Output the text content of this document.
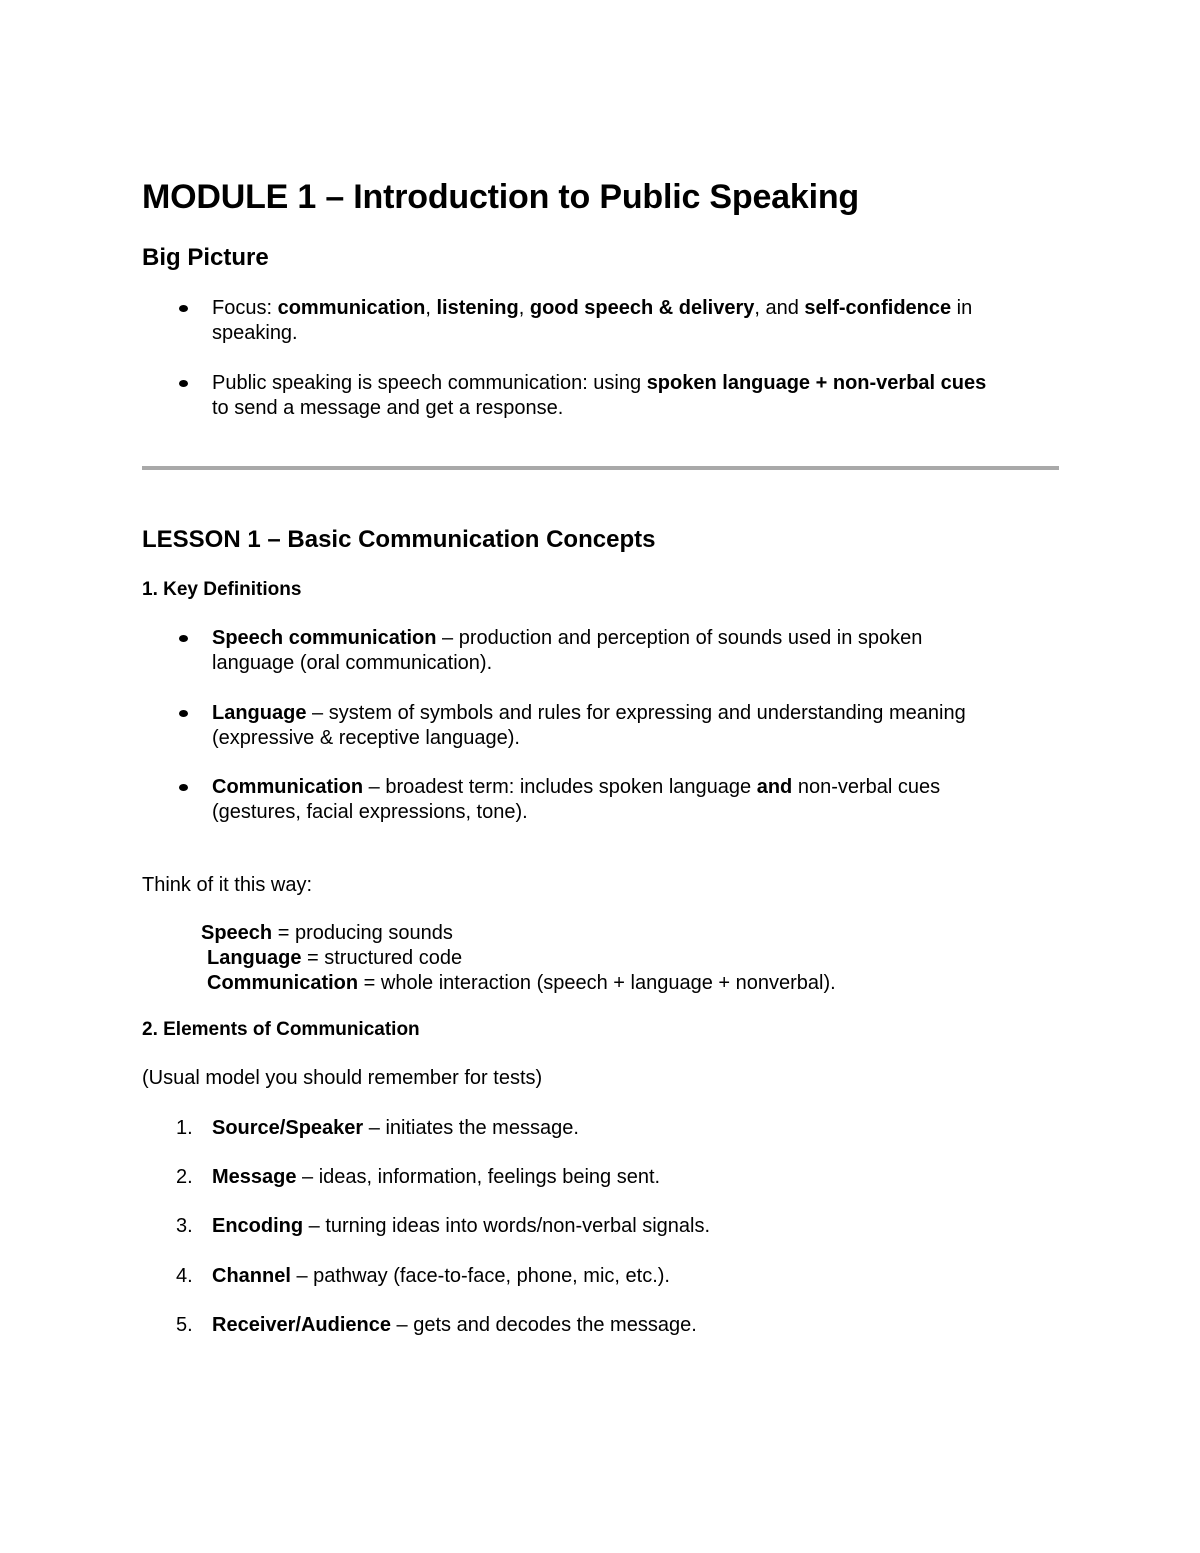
MODULE 1 – Introduction to Public Speaking
Big Picture
Focus: communication, listening, good speech & delivery, and self-confidence in
speaking.
Public speaking is speech communication: using spoken language + non-verbal cues
to send a message and get a response.
LESSON 1 – Basic Communication Concepts
1. Key Definitions
Speech communication – production and perception of sounds used in spoken
language (oral communication).
Language – system of symbols and rules for expressing and understanding meaning
(expressive & receptive language).
Communication – broadest term: includes spoken language and non-verbal cues
(gestures, facial expressions, tone).

Think of it this way:

Speech = producing sounds

Language = structured code

Communication = whole interaction (speech + language + nonverbal).

2. Elements of Communication

(Usual model you should remember for tests)

1. Source/Speaker – initiates the message.
2. Message – ideas, information, feelings being sent.
3. Encoding – turning ideas into words/non-verbal signals.
4. Channel – pathway (face-to-face, phone, mic, etc.).
5. Receiver/Audience – gets and decodes the message.
